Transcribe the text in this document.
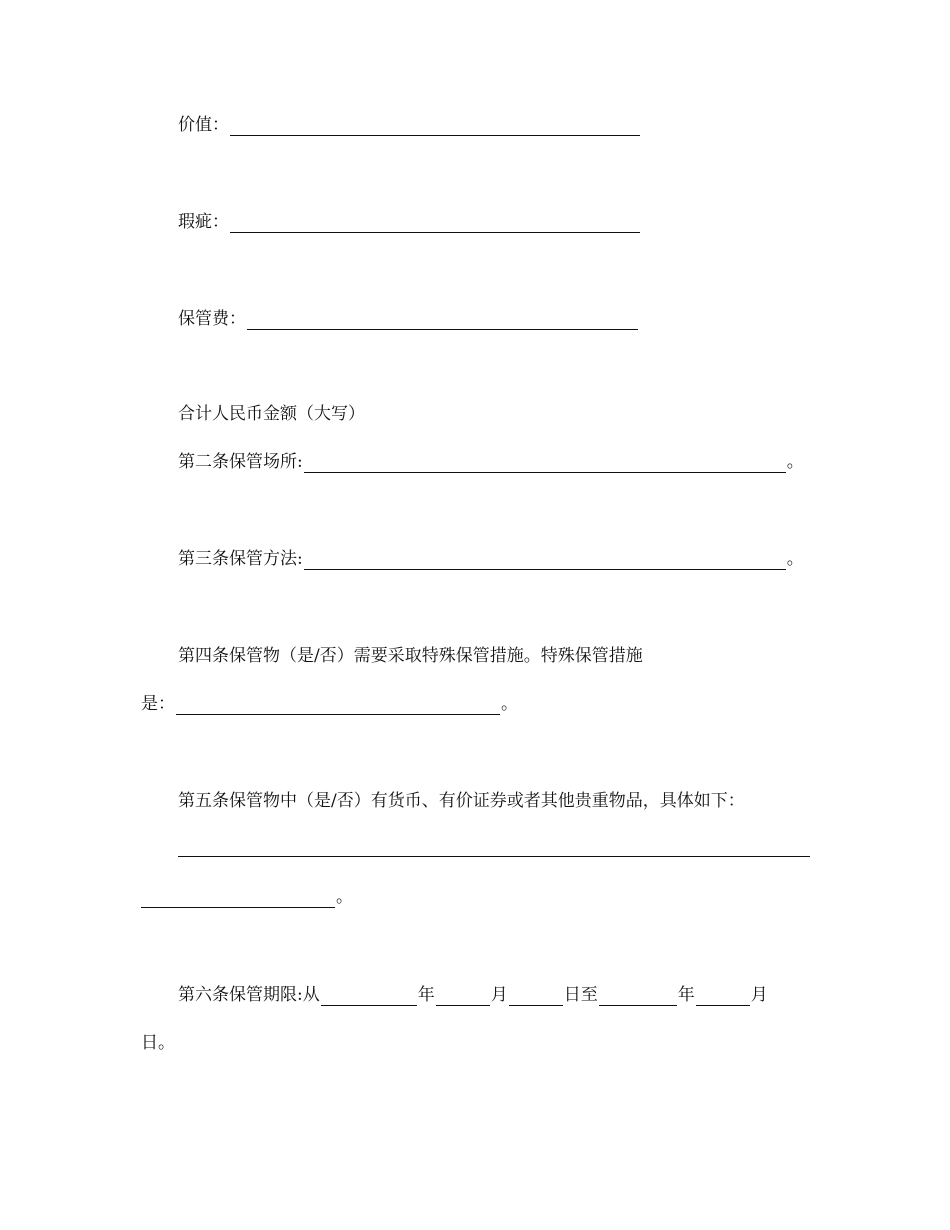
价值：
瑕疵：
保管费：
合计人民币金额（大写）
第二条保管场所:	。
第三条保管方法:	。
第四条保管物（是/否）需要采取特殊保管措施。特殊保管措施
是：	。
第五条保管物中（是/否）有货币、有价证券或者其他贵重物品，具体如下：
。
第六条保管期限:从	年	月	日至	年	月
日。
